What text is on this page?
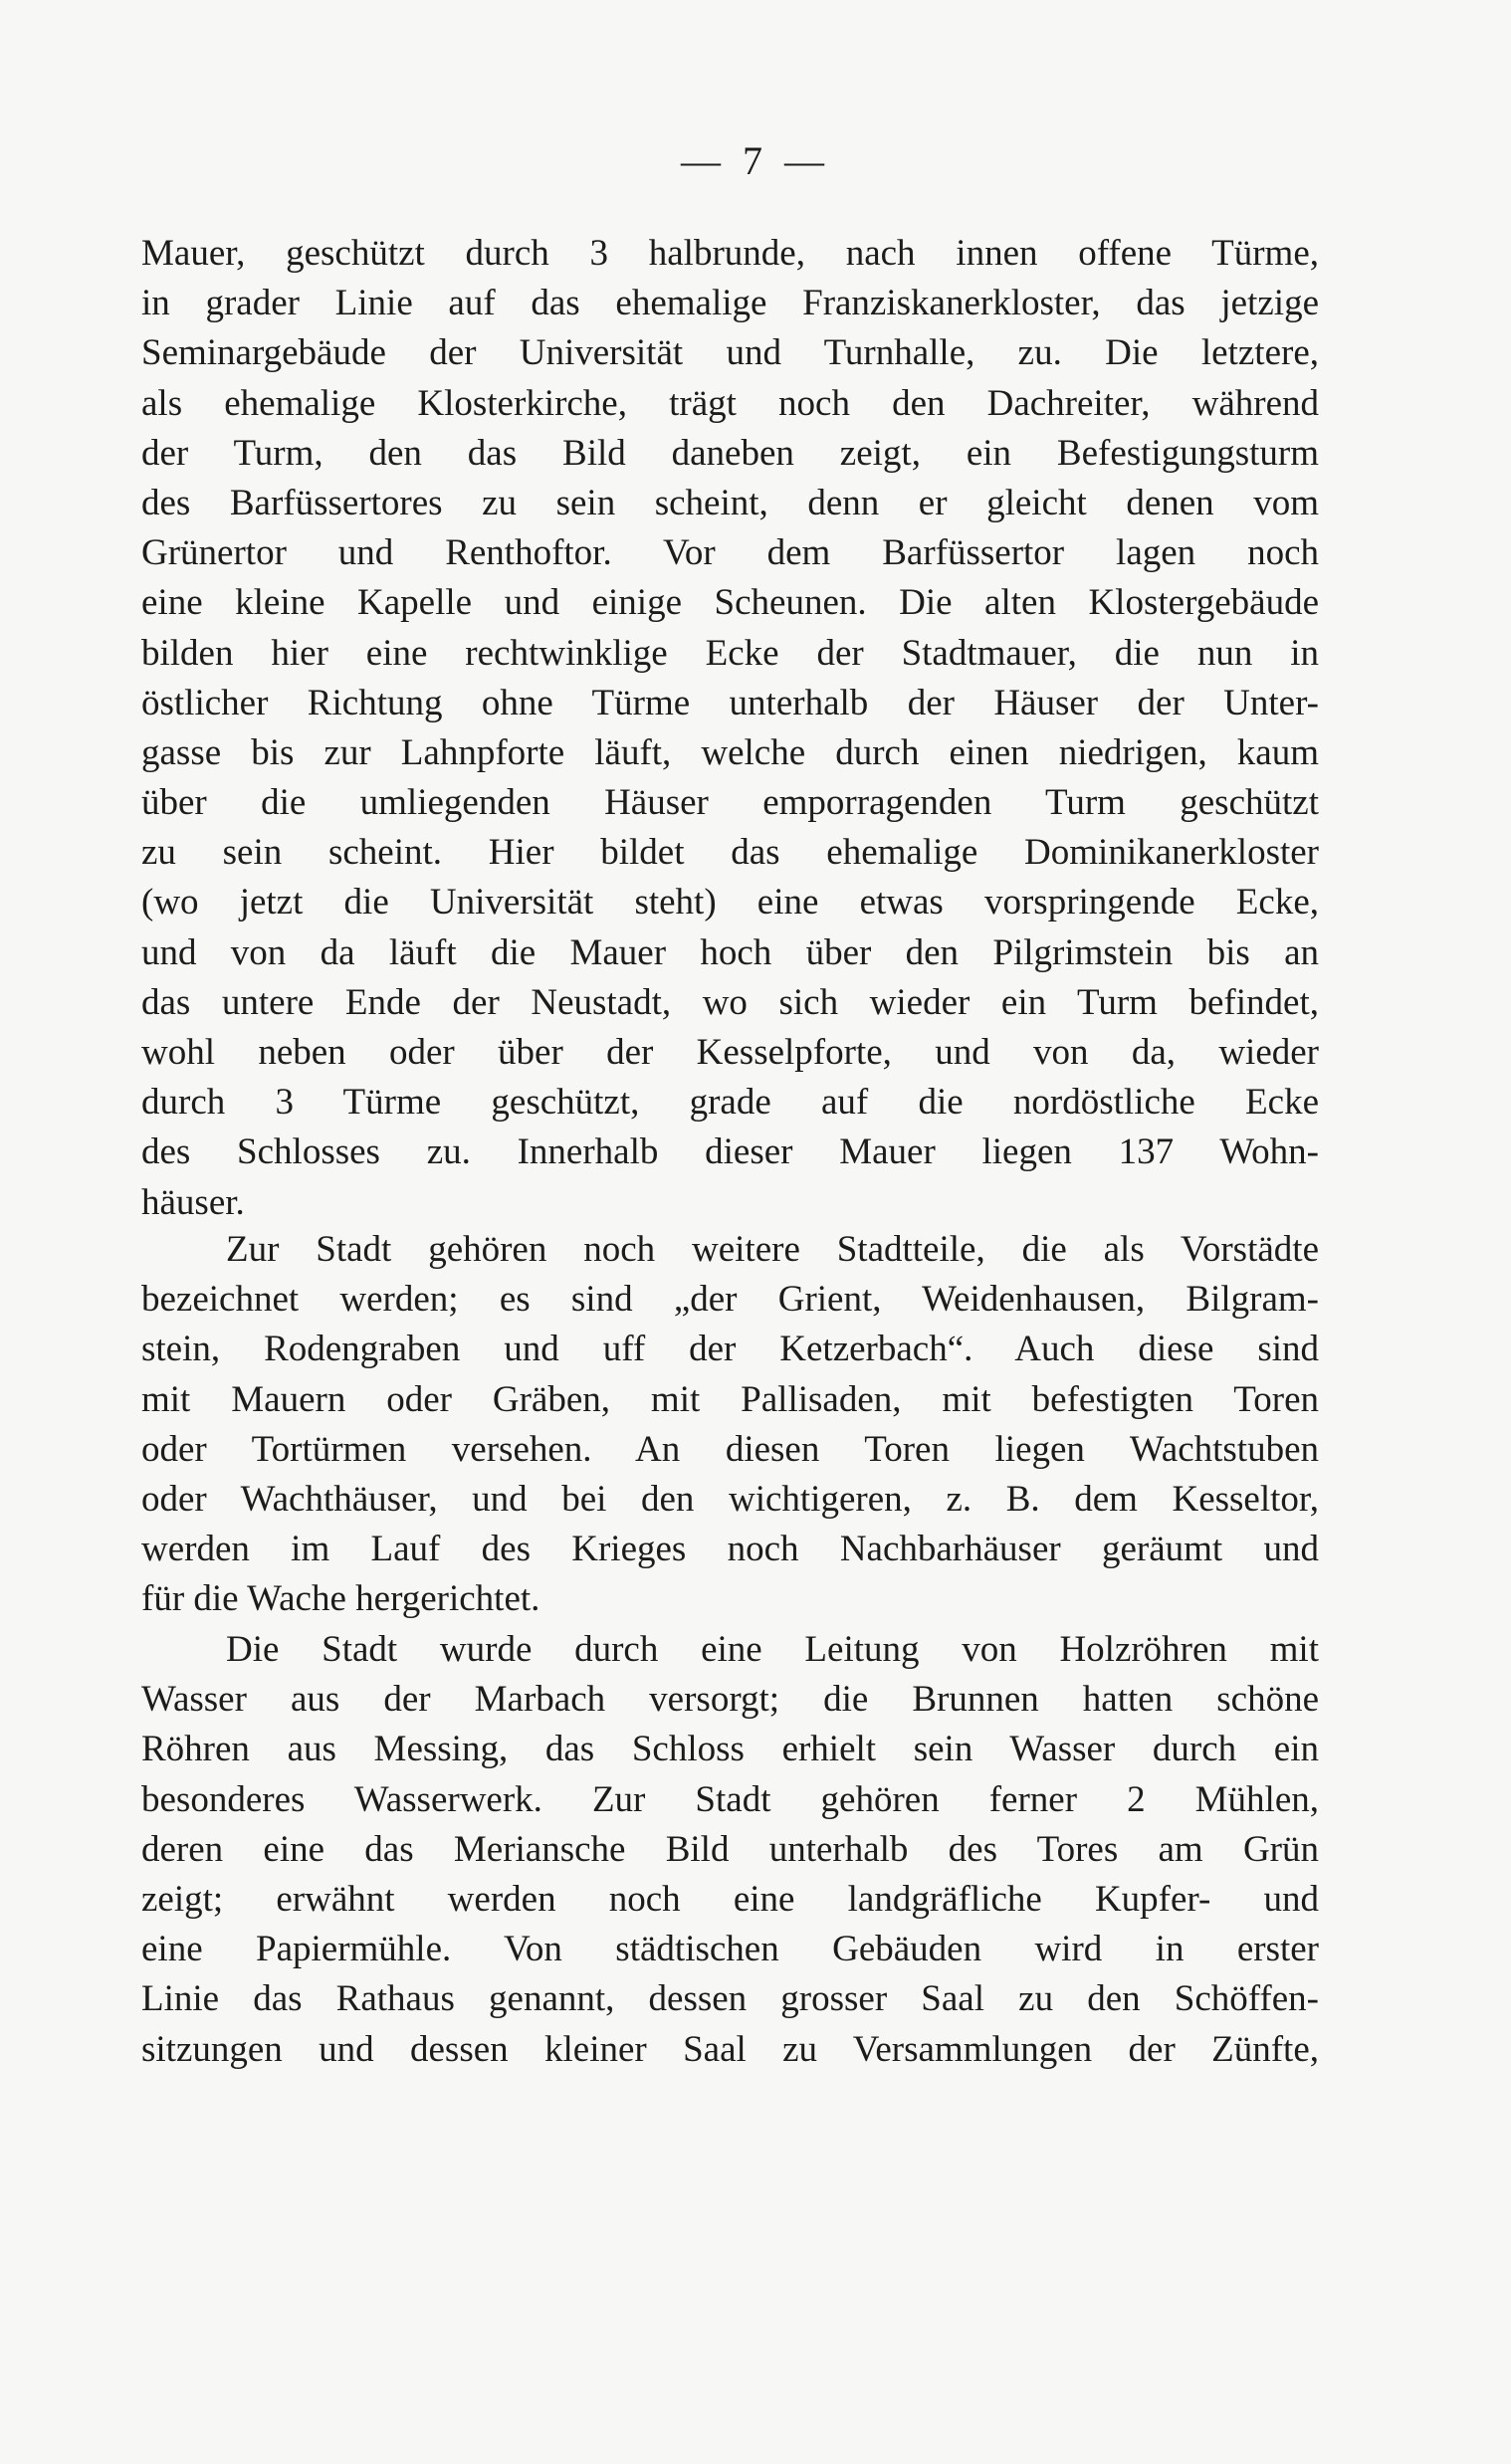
— 7 —
Mauer, geschützt durch 3 halbrunde, nach innen offene Türme,
in grader Linie auf das ehemalige Franziskanerkloster, das jetzige
Seminargebäude der Universität und Turnhalle, zu. Die letztere,
als ehemalige Klosterkirche, trägt noch den Dachreiter, während
der Turm, den das Bild daneben zeigt, ein Befestigungsturm
des Barfüssertores zu sein scheint, denn er gleicht denen vom
Grünertor und Renthoftor. Vor dem Barfüssertor lagen noch
eine kleine Kapelle und einige Scheunen. Die alten Klostergebäude
bilden hier eine rechtwinklige Ecke der Stadtmauer, die nun in
östlicher Richtung ohne Türme unterhalb der Häuser der Unter-
gasse bis zur Lahnpforte läuft, welche durch einen niedrigen, kaum
über die umliegenden Häuser emporragenden Turm geschützt
zu sein scheint. Hier bildet das ehemalige Dominikanerkloster
(wo jetzt die Universität steht) eine etwas vorspringende Ecke,
und von da läuft die Mauer hoch über den Pilgrimstein bis an
das untere Ende der Neustadt, wo sich wieder ein Turm befindet,
wohl neben oder über der Kesselpforte, und von da, wieder
durch 3 Türme geschützt, grade auf die nordöstliche Ecke
des Schlosses zu. Innerhalb dieser Mauer liegen 137 Wohn-
häuser.
Zur Stadt gehören noch weitere Stadtteile, die als Vorstädte
bezeichnet werden; es sind „der Grient, Weidenhausen, Bilgram-
stein, Rodengraben und uff der Ketzerbach“. Auch diese sind
mit Mauern oder Gräben, mit Pallisaden, mit befestigten Toren
oder Tortürmen versehen. An diesen Toren liegen Wachtstuben
oder Wachthäuser, und bei den wichtigeren, z. B. dem Kesseltor,
werden im Lauf des Krieges noch Nachbarhäuser geräumt und
für die Wache hergerichtet.
Die Stadt wurde durch eine Leitung von Holzröhren mit
Wasser aus der Marbach versorgt; die Brunnen hatten schöne
Röhren aus Messing, das Schloss erhielt sein Wasser durch ein
besonderes Wasserwerk. Zur Stadt gehören ferner 2 Mühlen,
deren eine das Meriansche Bild unterhalb des Tores am Grün
zeigt; erwähnt werden noch eine landgräfliche Kupfer- und
eine Papiermühle. Von städtischen Gebäuden wird in erster
Linie das Rathaus genannt, dessen grosser Saal zu den Schöffen-
sitzungen und dessen kleiner Saal zu Versammlungen der Zünfte,
